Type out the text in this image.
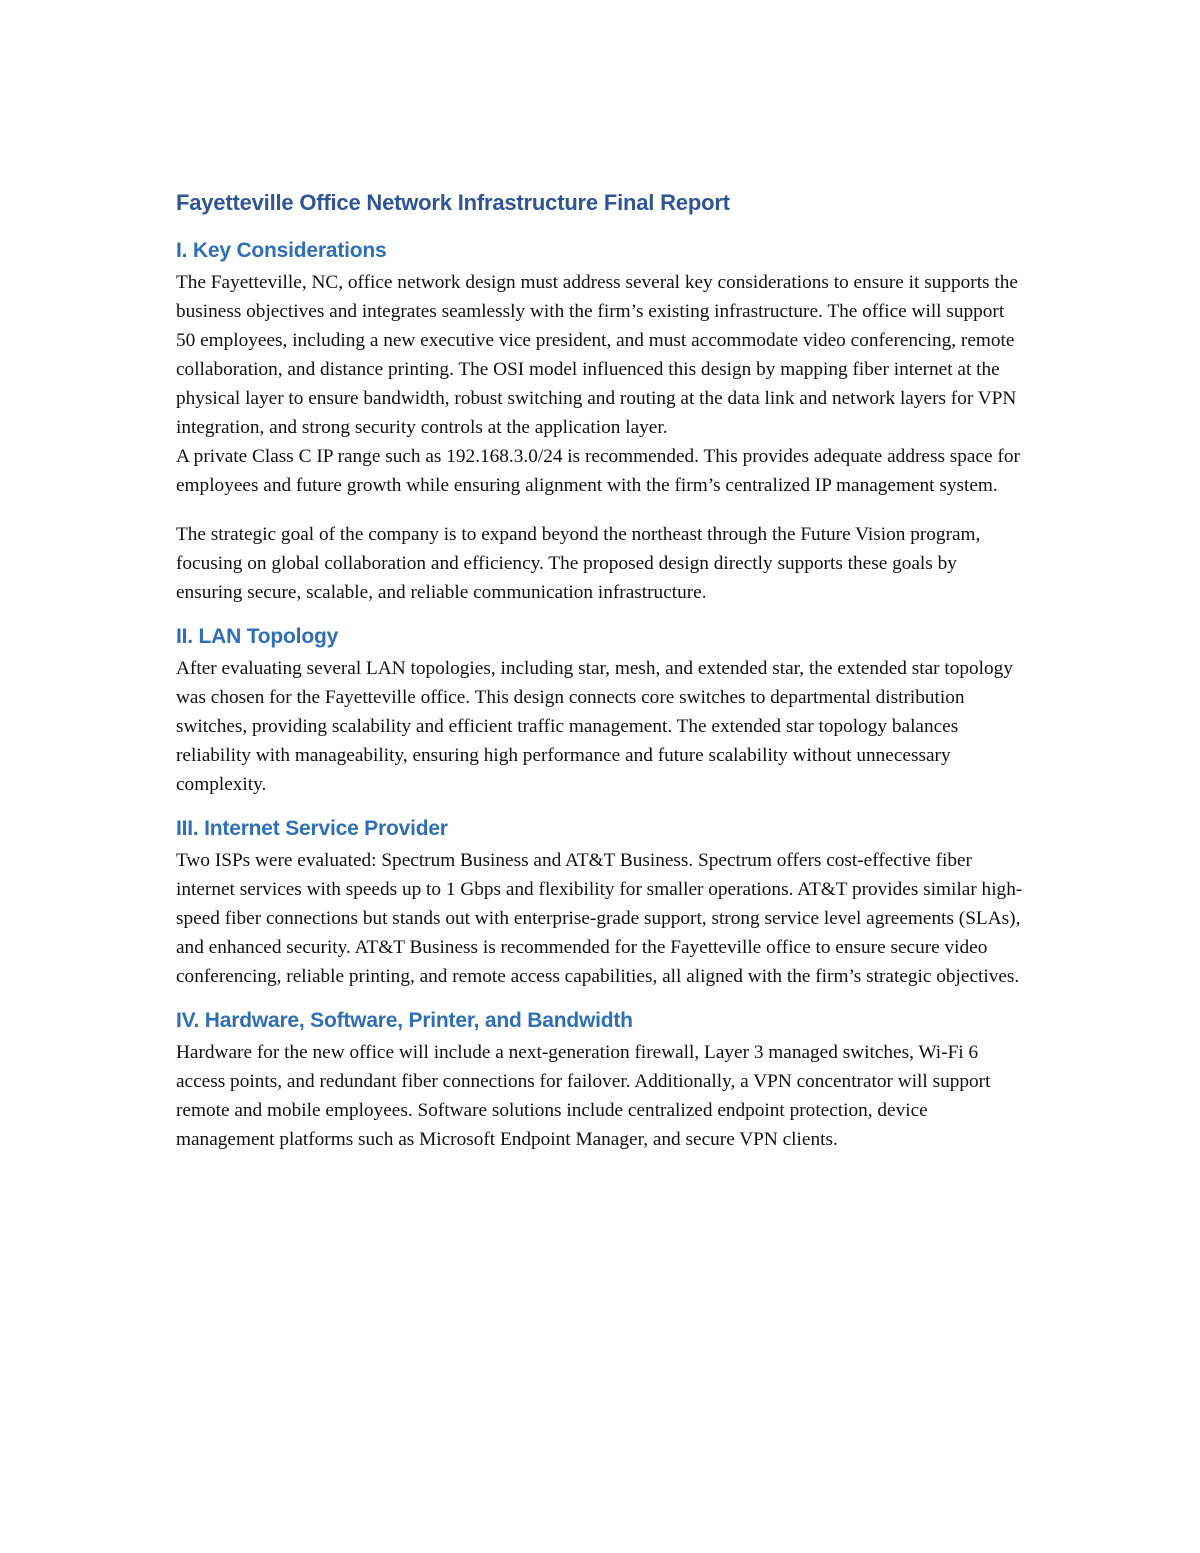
Fayetteville Office Network Infrastructure Final Report
I. Key Considerations

The Fayetteville, NC, office network design must address several key considerations to ensure it supports the business objectives and integrates seamlessly with the firm’s existing infrastructure. The office will support 50 employees, including a new executive vice president, and must accommodate video conferencing, remote collaboration, and distance printing. The OSI model influenced this design by mapping fiber internet at the physical layer to ensure bandwidth, robust switching and routing at the data link and network layers for VPN integration, and strong security controls at the application layer.

A private Class C IP range such as 192.168.3.0/24 is recommended. This provides adequate address space for employees and future growth while ensuring alignment with the firm’s centralized IP management system.

The strategic goal of the company is to expand beyond the northeast through the Future Vision program, focusing on global collaboration and efficiency. The proposed design directly supports these goals by ensuring secure, scalable, and reliable communication infrastructure.

II. LAN Topology

After evaluating several LAN topologies, including star, mesh, and extended star, the extended star topology was chosen for the Fayetteville office. This design connects core switches to departmental distribution switches, providing scalability and efficient traffic management. The extended star topology balances reliability with manageability, ensuring high performance and future scalability without unnecessary complexity.

III. Internet Service Provider

Two ISPs were evaluated: Spectrum Business and AT&T Business. Spectrum offers cost-effective fiber internet services with speeds up to 1 Gbps and flexibility for smaller operations. AT&T provides similar high-speed fiber connections but stands out with enterprise-grade support, strong service level agreements (SLAs), and enhanced security. AT&T Business is recommended for the Fayetteville office to ensure secure video conferencing, reliable printing, and remote access capabilities, all aligned with the firm’s strategic objectives.

IV. Hardware, Software, Printer, and Bandwidth

Hardware for the new office will include a next-generation firewall, Layer 3 managed switches, Wi-Fi 6 access points, and redundant fiber connections for failover. Additionally, a VPN concentrator will support remote and mobile employees. Software solutions include centralized endpoint protection, device management platforms such as Microsoft Endpoint Manager, and secure VPN clients.
